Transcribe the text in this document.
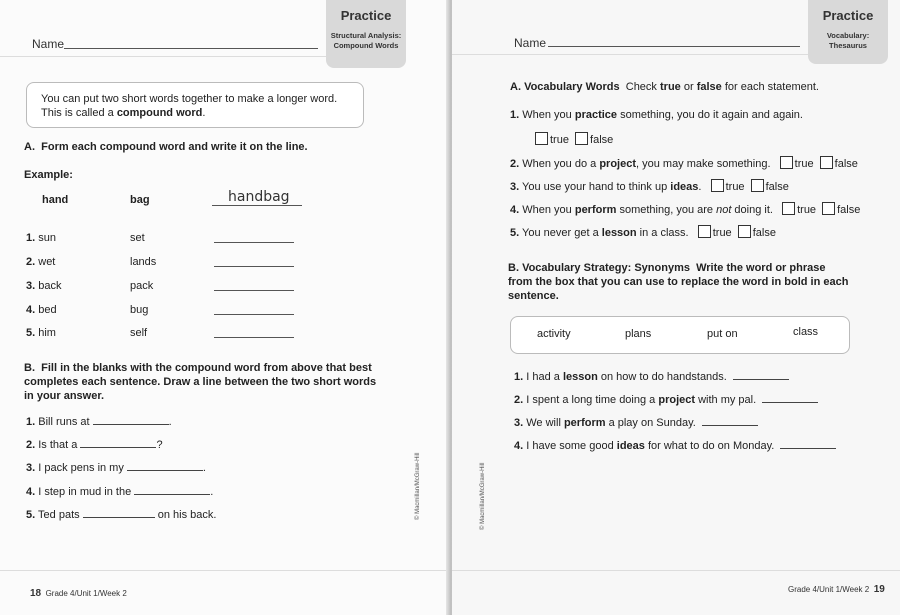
Practice
Structural Analysis:
Compound Words
Name
You can put two short words together to make a longer word.
This is called a compound word.
A. Form each compound word and write it on the line.
Example:
hand	bag	handbag
1. sun	set
2. wet	lands
3. back	pack
4. bed	bug
5. him	self
B. Fill in the blanks with the compound word from above that best
completes each sentence. Draw a line between the two short words
in your answer.
1. Bill runs at	.
2. Is that a	?
3. I pack pens in my	.
4. I step in mud in the	.
5. Ted pats	on his back.	© Macmillan/McGraw-Hill
18 Grade 4/Unit 1/Week 2
Practice
Vocabulary:
Thesaurus
Name
A. Vocabulary Words Check true or false for each statement.
1. When you practice something, you do it again and again.
true false
2. When you do a project, you may make something. true false
3. You use your hand to think up ideas. true false
4. When you perform something, you are not doing it. true false
5. You never get a lesson in a class. true false
B. Vocabulary Strategy: Synonyms Write the word or phrase
from the box that you can use to replace the word in bold in each
sentence.
activity	plans	put on	class
1. I had a lesson on how to do handstands.
2. I spent a long time doing a project with my pal.
3. We will perform a play on Sunday.
4. I have some good ideas for what to do on Monday.
© Macmillan/McGraw-Hill
Grade 4/Unit 1/Week 2 19
